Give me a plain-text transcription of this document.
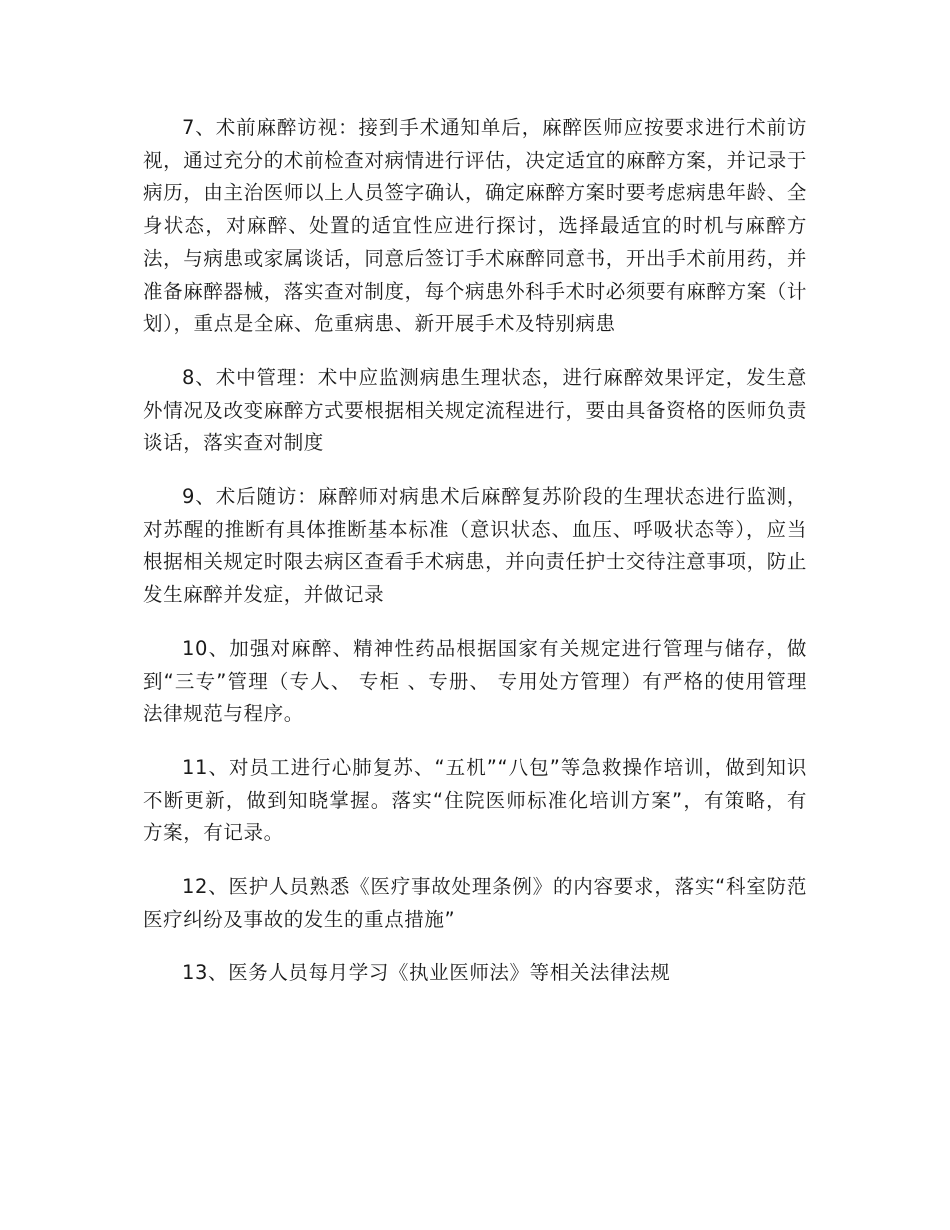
7、术前麻醉访视：接到手术通知单后，麻醉医师应按要求进行术前访视，通过充分的术前检查对病情进行评估，决定适宜的麻醉方案，并记录于病历，由主治医师以上人员签字确认，确定麻醉方案时要考虑病患年龄、全身状态，对麻醉、处置的适宜性应进行探讨，选择最适宜的时机与麻醉方法，与病患或家属谈话，同意后签订手术麻醉同意书，开出手术前用药，并准备麻醉器械，落实查对制度，每个病患外科手术时必须要有麻醉方案（计划），重点是全麻、危重病患、新开展手术及特别病患

8、术中管理：术中应监测病患生理状态，进行麻醉效果评定，发生意外情况及改变麻醉方式要根据相关规定流程进行，要由具备资格的医师负责谈话，落实查对制度

9、术后随访：麻醉师对病患术后麻醉复苏阶段的生理状态进行监测，对苏醒的推断有具体推断基本标准（意识状态、血压、呼吸状态等），应当根据相关规定时限去病区查看手术病患，并向责任护士交待注意事项，防止发生麻醉并发症，并做记录

10、加强对麻醉、精神性药品根据国家有关规定进行管理与储存，做到“三专”管理（专人、 专柜 、专册、 专用处方管理）有严格的使用管理法律规范与程序。

11、对员工进行心肺复苏、“五机”“八包”等急救操作培训，做到知识不断更新，做到知晓掌握。落实“住院医师标准化培训方案”，有策略，有方案，有记录。

12、医护人员熟悉《医疗事故处理条例》的内容要求，落实“科室防范医疗纠纷及事故的发生的重点措施”

13、医务人员每月学习《执业医师法》等相关法律法规
